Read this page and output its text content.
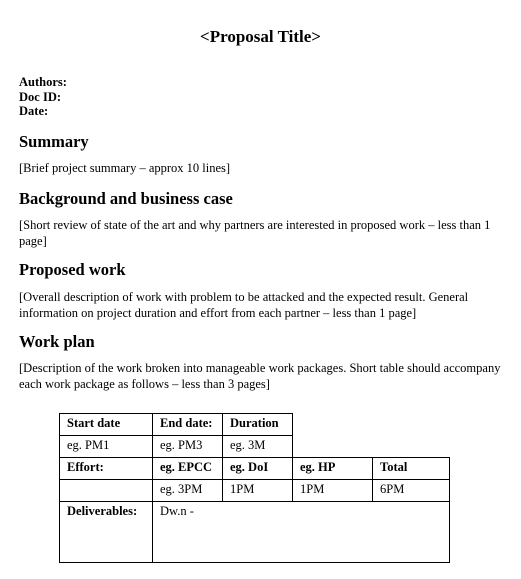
<Proposal Title>
Authors:
Doc ID:
Date:
Summary
[Brief project summary – approx 10 lines]
Background and business case
[Short review of state of the art and why partners are interested in proposed work – less than 1 page]
Proposed work
[Overall description of work with problem to be attacked and the expected result. General information on project duration and effort from each partner – less than 1 page]
Work plan
[Description of the work broken into manageable work packages. Short table should accompany each work package as follows – less than 3 pages]
Start date	End date:	Duration		
eg. PM1	eg. PM3	eg. 3M		
Effort:	eg. EPCC	eg. DoI	eg. HP	Total
	eg. 3PM	1PM	1PM	6PM
Deliverables:	Dw.n -			
